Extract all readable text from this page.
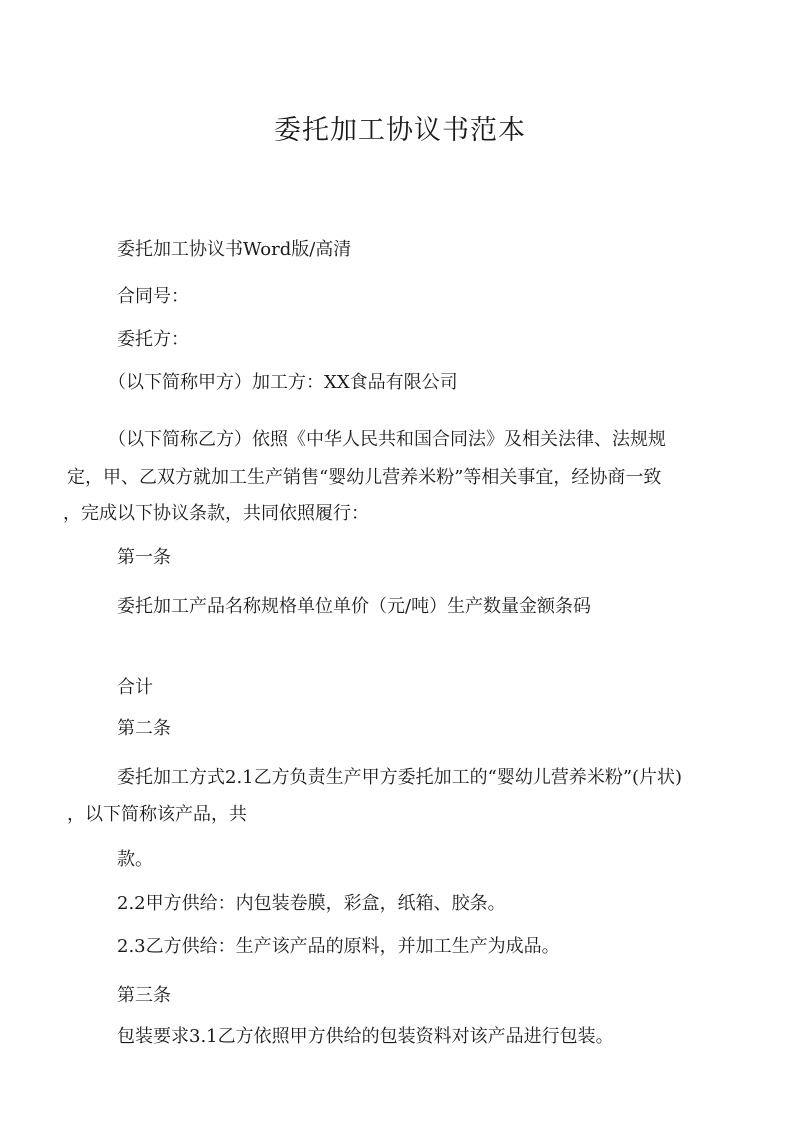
委托加工协议书范本
委托加工协议书Word版/高清
合同号：
委托方：
（以下简称甲方）加工方：XX食品有限公司
（以下简称乙方）依照《中华人民共和国合同法》及相关法律、法规规
定，甲、乙双方就加工生产销售“婴幼儿营养米粉”等相关事宜，经协商一致
，完成以下协议条款，共同依照履行：
第一条
委托加工产品名称规格单位单价（元/吨）生产数量金额条码
合计
第二条
委托加工方式2.1乙方负责生产甲方委托加工的“婴幼儿营养米粉”(片状)
，以下简称该产品，共
款。
2.2甲方供给：内包装卷膜，彩盒，纸箱、胶条。
2.3乙方供给：生产该产品的原料，并加工生产为成品。
第三条
包装要求3.1乙方依照甲方供给的包装资料对该产品进行包装。
